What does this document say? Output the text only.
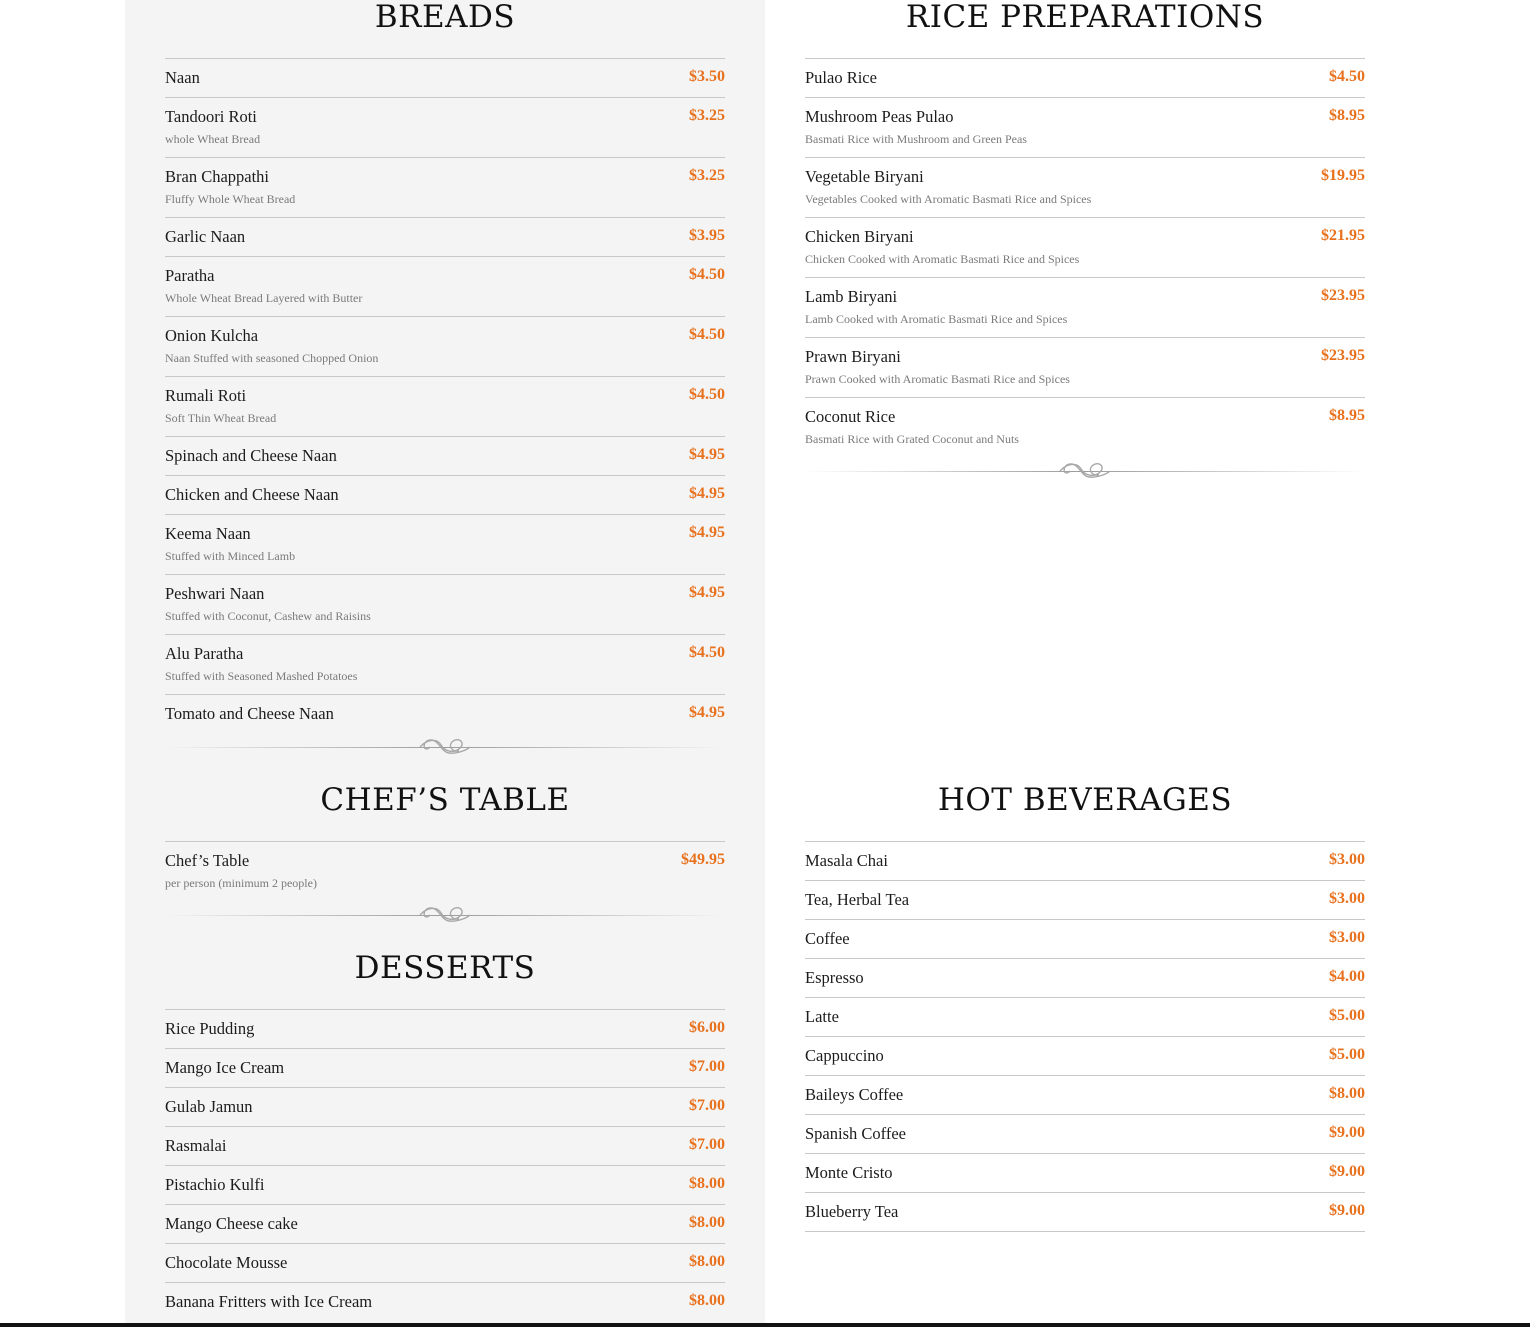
BREADS
Naan	$3.50
Tandoori Roti	$3.25
whole Wheat Bread
Bran Chappathi	$3.25
Fluffy Whole Wheat Bread
Garlic Naan	$3.95
Paratha	$4.50
Whole Wheat Bread Layered with Butter
Onion Kulcha	$4.50
Naan Stuffed with seasoned Chopped Onion
Rumali Roti	$4.50
Soft Thin Wheat Bread
Spinach and Cheese Naan	$4.95
Chicken and Cheese Naan	$4.95
Keema Naan	$4.95
Stuffed with Minced Lamb
Peshwari Naan	$4.95
Stuffed with Coconut, Cashew and Raisins
Alu Paratha	$4.50
Stuffed with Seasoned Mashed Potatoes
Tomato and Cheese Naan	$4.95
RICE PREPARATIONS
Pulao Rice	$4.50
Mushroom Peas Pulao	$8.95
Basmati Rice with Mushroom and Green Peas
Vegetable Biryani	$19.95
Vegetables Cooked with Aromatic Basmati Rice and Spices
Chicken Biryani	$21.95
Chicken Cooked with Aromatic Basmati Rice and Spices
Lamb Biryani	$23.95
Lamb Cooked with Aromatic Basmati Rice and Spices
Prawn Biryani	$23.95
Prawn Cooked with Aromatic Basmati Rice and Spices
Coconut Rice	$8.95
Basmati Rice with Grated Coconut and Nuts
CHEF’S TABLE
Chef’s Table	$49.95
per person (minimum 2 people)
DESSERTS
Rice Pudding	$6.00
Mango Ice Cream	$7.00
Gulab Jamun	$7.00
Rasmalai	$7.00
Pistachio Kulfi	$8.00
Mango Cheese cake	$8.00
Chocolate Mousse	$8.00
Banana Fritters with Ice Cream	$8.00
HOT BEVERAGES
Masala Chai	$3.00
Tea, Herbal Tea	$3.00
Coffee	$3.00
Espresso	$4.00
Latte	$5.00
Cappuccino	$5.00
Baileys Coffee	$8.00
Spanish Coffee	$9.00
Monte Cristo	$9.00
Blueberry Tea	$9.00
